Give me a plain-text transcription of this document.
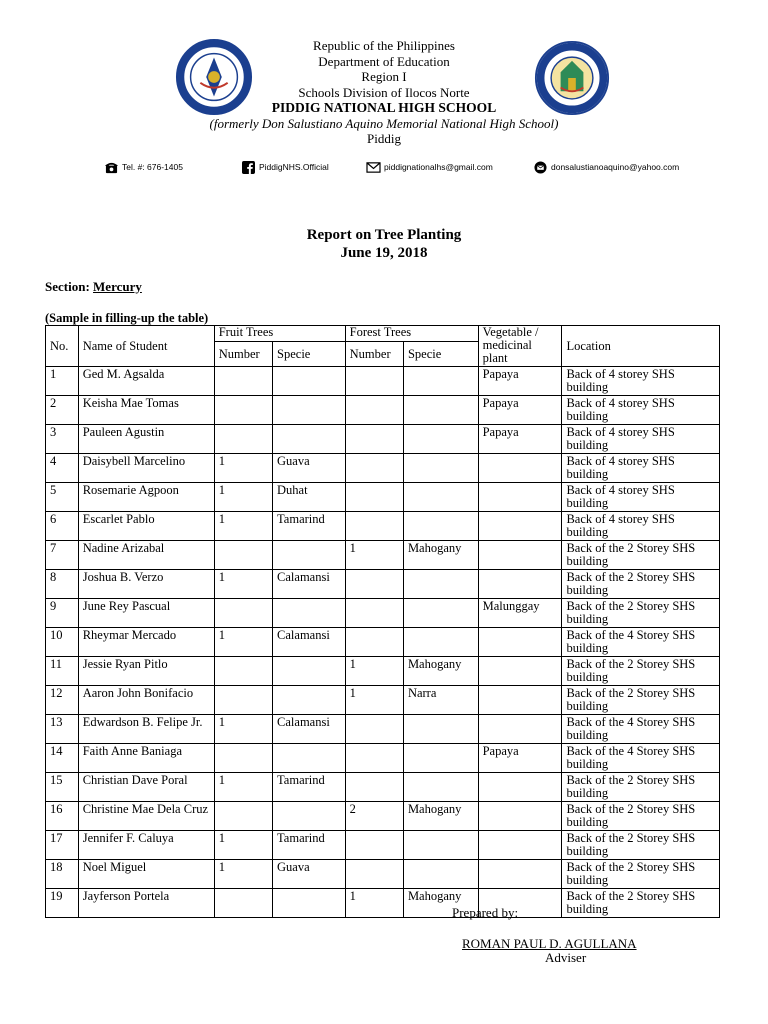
Republic of the Philippines
Department of Education
Region I
Schools Division of Ilocos Norte
PIDDIG NATIONAL HIGH SCHOOL
(formerly Don Salustiano Aquino Memorial National High School)
Piddig
Tel. #: 676-1405	PiddigNHS.Official	piddignationalhs@gmail.com	donsalustianoaquino@yahoo.com
Report on Tree Planting
June 19, 2018
Section: Mercury
(Sample in filling-up the table)
No.	Name of Student	Fruit Trees		Forest Trees		Vegetable / medicinal plant	Location
		Number	Specie	Number	Specie		
1	Ged M. Agsalda					Papaya	Back of 4 storey SHS building
2	Keisha Mae Tomas					Papaya	Back of 4 storey SHS building
3	Pauleen Agustin					Papaya	Back of 4 storey SHS building
4	Daisybell Marcelino	1	Guava				Back of 4 storey SHS building
5	Rosemarie Agpoon	1	Duhat				Back of 4 storey SHS building
6	Escarlet Pablo	1	Tamarind				Back of 4 storey SHS building
7	Nadine Arizabal			1	Mahogany		Back of the 2 Storey SHS building
8	Joshua B. Verzo	1	Calamansi				Back of the 2 Storey SHS building
9	June Rey Pascual					Malunggay	Back of the 2 Storey SHS building
10	Rheymar Mercado	1	Calamansi				Back of the 4 Storey SHS building
11	Jessie Ryan Pitlo			1	Mahogany		Back of the 2 Storey SHS building
12	Aaron John Bonifacio			1	Narra		Back of the 2 Storey SHS building
13	Edwardson B. Felipe Jr.	1	Calamansi				Back of the 4 Storey SHS building
14	Faith Anne Baniaga					Papaya	Back of the 4 Storey SHS building
15	Christian Dave Poral	1	Tamarind				Back of the 2 Storey SHS building
16	Christine Mae Dela Cruz			2	Mahogany		Back of the 2 Storey SHS building
17	Jennifer F. Caluya	1	Tamarind				Back of the 2 Storey SHS building
18	Noel Miguel	1	Guava				Back of the 2 Storey SHS building
19	Jayferson Portela			1	Mahogany		Back of the 2 Storey SHS building
Prepared by:
ROMAN PAUL D. AGULLANA
Adviser
